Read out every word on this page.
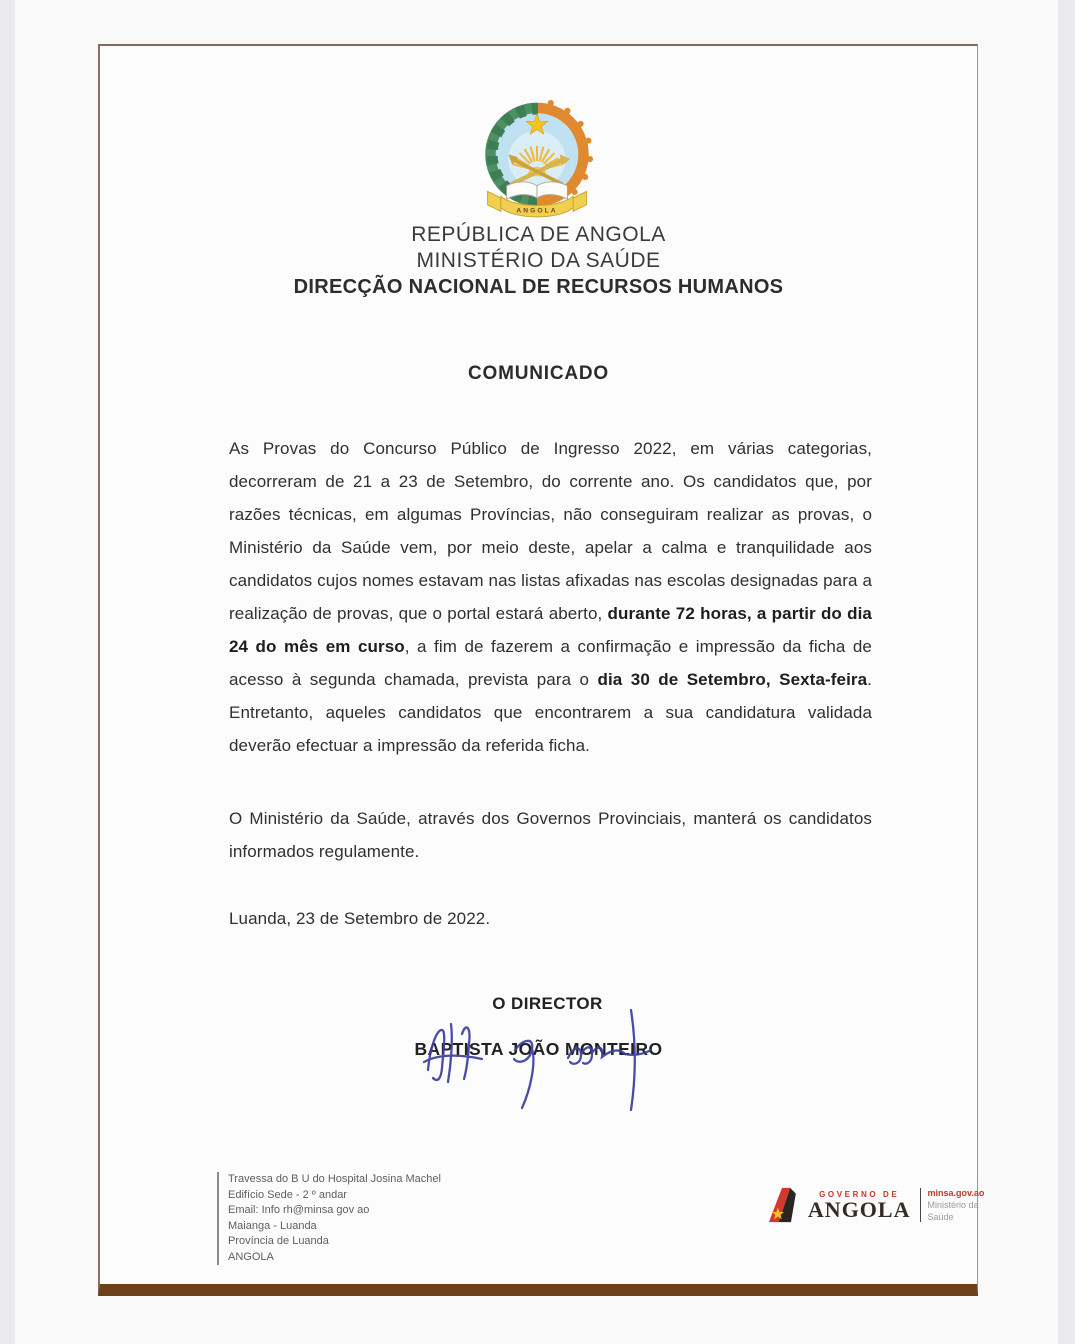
ANGOLA
REPÚBLICA DE ANGOLA
MINISTÉRIO DA SAÚDE
DIRECÇÃO NACIONAL DE RECURSOS HUMANOS
COMUNICADO

As Provas do Concurso Público de Ingresso 2022, em várias categorias, decorreram de 21 a 23 de Setembro, do corrente ano. Os candidatos que, por razões técnicas, em algumas Províncias, não conseguiram realizar as provas, o Ministério da Saúde vem, por meio deste, apelar a calma e tranquilidade aos candidatos cujos nomes estavam nas listas afixadas nas escolas designadas para a realização de provas, que o portal estará aberto, durante 72 horas, a partir do dia 24 do mês em curso, a fim de fazerem a confirmação e impressão da ficha de acesso à segunda chamada, prevista para o dia 30 de Setembro, Sexta-feira. Entretanto, aqueles candidatos que encontrarem a sua candidatura validada deverão efectuar a impressão da referida ficha.

O Ministério da Saúde, através dos Governos Provinciais, manterá os candidatos informados regulamente.

Luanda, 23 de Setembro de 2022.

O DIRECTOR
BAPTISTA JOÃO MONTEIRO
Travessa do B U do Hospital Josina Machel
Edifício Sede - 2 º andar
Email: Info rh@minsa gov ao
Maianga - Luanda
Província de Luanda
ANGOLA
GOVERNO DE
ANGOLA
minsa.gov.ao
Ministério da Saúde
